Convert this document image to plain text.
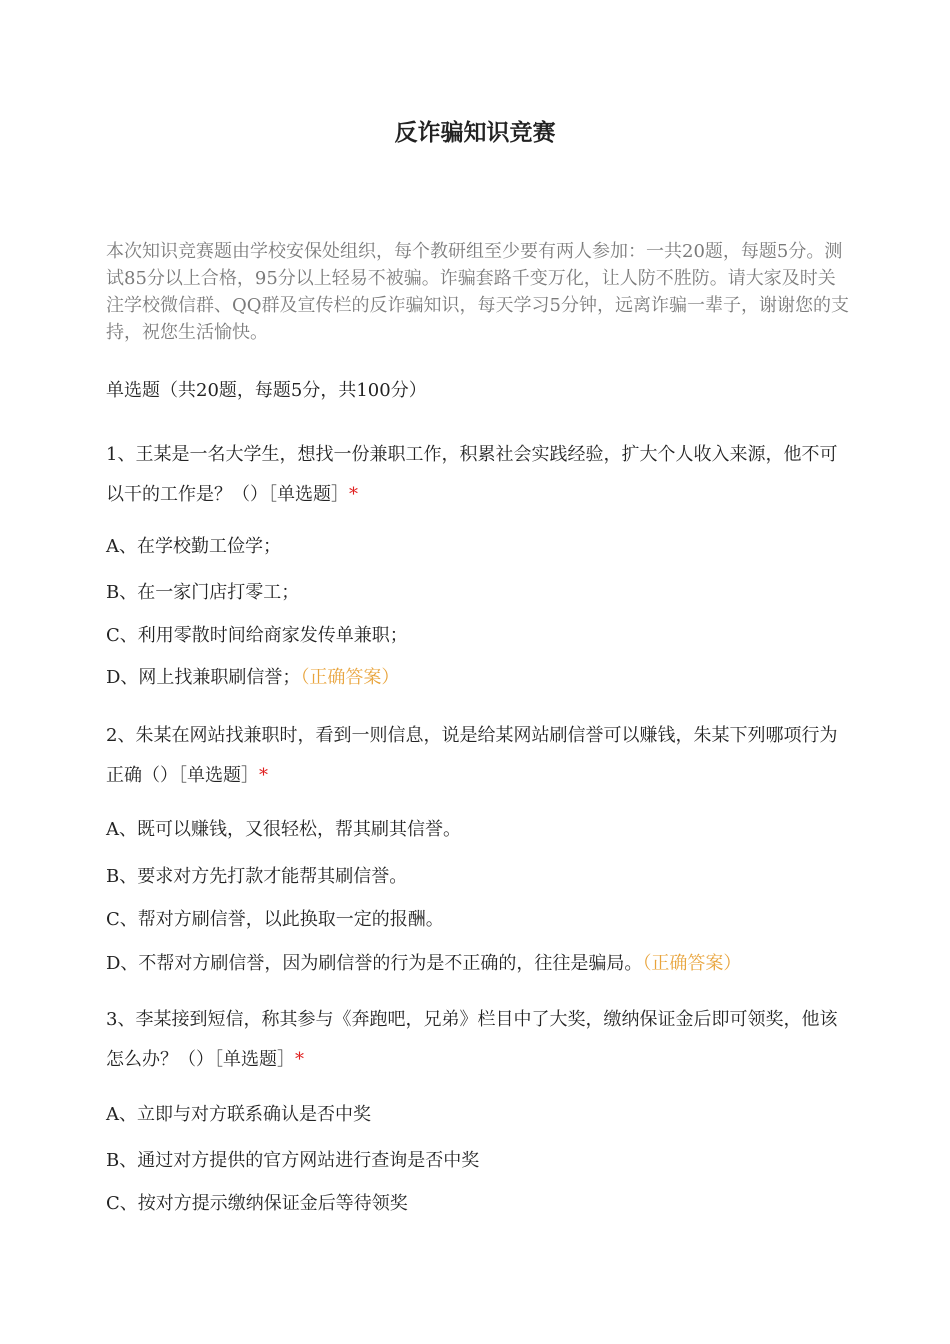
反诈骗知识竞赛
本次知识竞赛题由学校安保处组织，每个教研组至少要有两人参加：一共20题，每题5分。测试85分以上合格，95分以上轻易不被骗。诈骗套路千变万化，让人防不胜防。请大家及时关注学校微信群、QQ群及宣传栏的反诈骗知识，每天学习5分钟，远离诈骗一辈子，谢谢您的支持，祝您生活愉快。
单选题（共20题，每题5分，共100分）
1、王某是一名大学生，想找一份兼职工作，积累社会实践经验，扩大个人收入来源，他不可以干的工作是？（）［单选题］*
A、在学校勤工俭学；
B、在一家门店打零工；
C、利用零散时间给商家发传单兼职；
D、网上找兼职刷信誉；（正确答案）
2、朱某在网站找兼职时，看到一则信息，说是给某网站刷信誉可以赚钱，朱某下列哪项行为正确（）［单选题］*
A、既可以赚钱，又很轻松，帮其刷其信誉。
B、要求对方先打款才能帮其刷信誉。
C、帮对方刷信誉，以此换取一定的报酬。
D、不帮对方刷信誉，因为刷信誉的行为是不正确的，往往是骗局。（正确答案）
3、李某接到短信，称其参与《奔跑吧，兄弟》栏目中了大奖，缴纳保证金后即可领奖，他该怎么办？（）［单选题］*
A、立即与对方联系确认是否中奖
B、通过对方提供的官方网站进行查询是否中奖
C、按对方提示缴纳保证金后等待领奖
